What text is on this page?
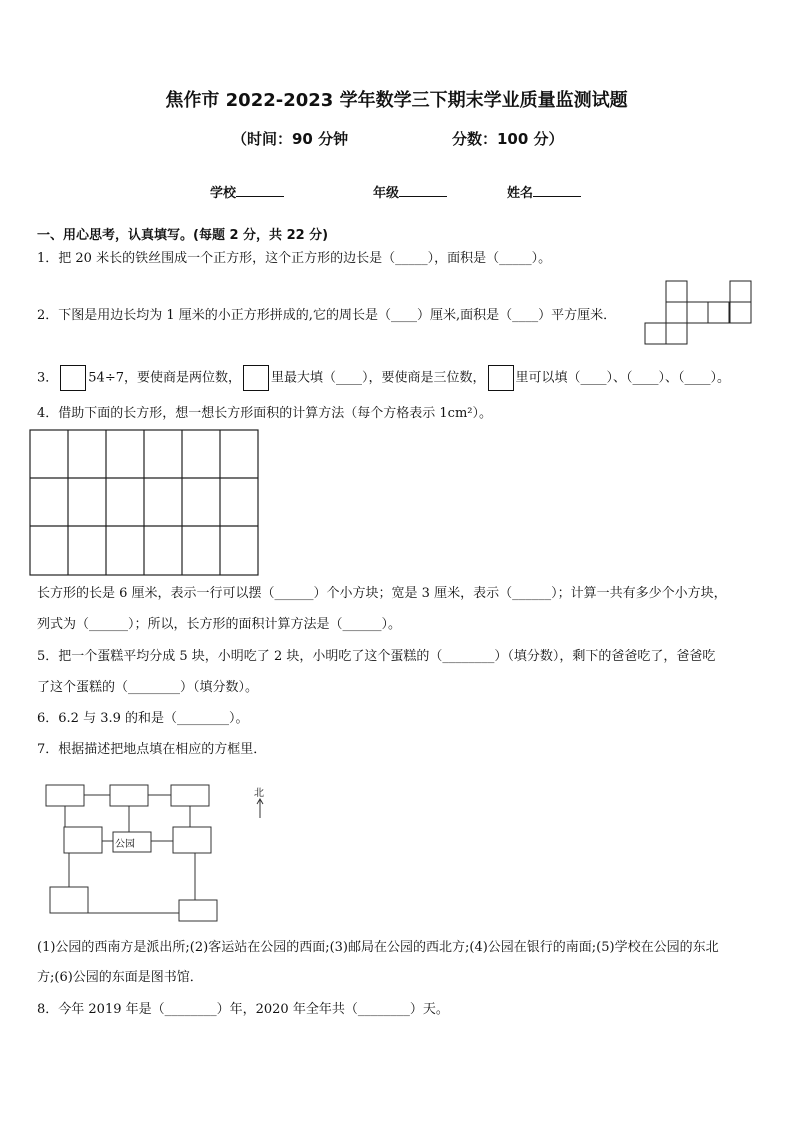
焦作市 2022-2023 学年数学三下期末学业质量监测试题
（时间：90 分钟	分数：100 分）
学校	年级	姓名
一、用心思考，认真填写。(每题 2 分，共 22 分)
1．把 20 米长的铁丝围成一个正方形，这个正方形的边长是（_____），面积是（_____）。
2．下图是用边长均为 1 厘米的小正方形拼成的,它的周长是（____）厘米,面积是（____）平方厘米．
3． 54÷7，要使商是两位数， 里最大填（____），要使商是三位数， 里可以填（____）、（____）、（____）。
4．借助下面的长方形，想一想长方形面积的计算方法（每个方格表示 1cm²）。
长方形的长是 6 厘米，表示一行可以摆（______）个小方块；宽是 3 厘米，表示（______）；计算一共有多少个小方块，
列式为（______）；所以，长方形的面积计算方法是（______）。
5．把一个蛋糕平均分成 5 块，小明吃了 2 块，小明吃了这个蛋糕的（________）（填分数），剩下的爸爸吃了，爸爸吃
了这个蛋糕的（________）（填分数）。
6．6.2 与 3.9 的和是（________）。
7．根据描述把地点填在相应的方框里．
公园
北
(1)公园的西南方是派出所;(2)客运站在公园的西面;(3)邮局在公园的西北方;(4)公园在银行的南面;(5)学校在公园的东北
方;(6)公园的东面是图书馆．
8．今年 2019 年是（________）年，2020 年全年共（________）天。
